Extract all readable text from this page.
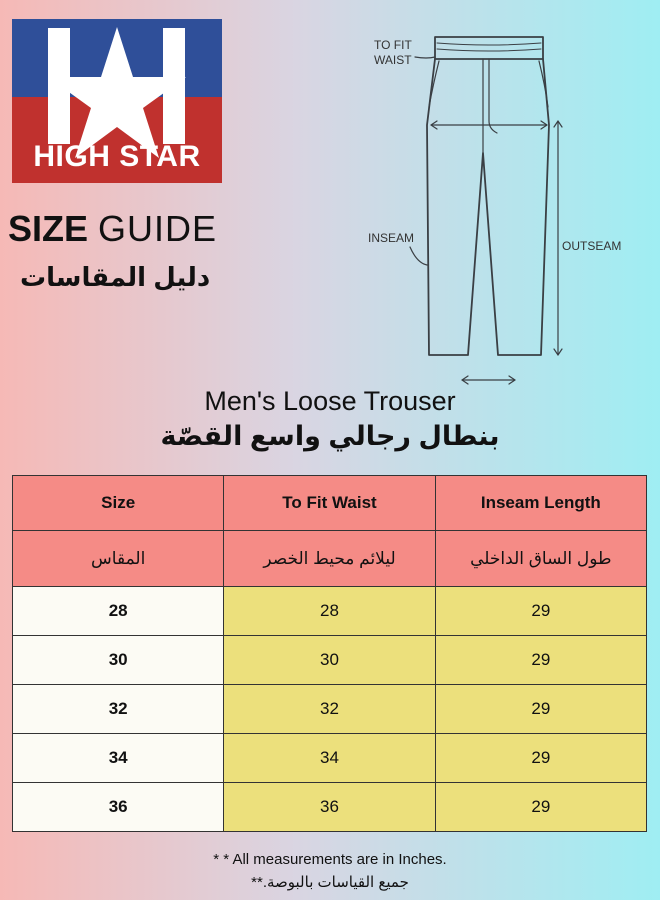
HIGH STAR
SIZE GUIDE
دليل المقاسات
TO FIT
WAIST
INSEAM
OUTSEAM
Men's Loose Trouser
بنطال رجالي واسع القصّة
Size	To Fit Waist	Inseam Length
المقاس	ليلائم محيط الخصر	طول الساق الداخلي
28	28	29
30	30	29
32	32	29
34	34	29
36	36	29
* * All measurements are in Inches.
جميع القياسات بالبوصة.**
